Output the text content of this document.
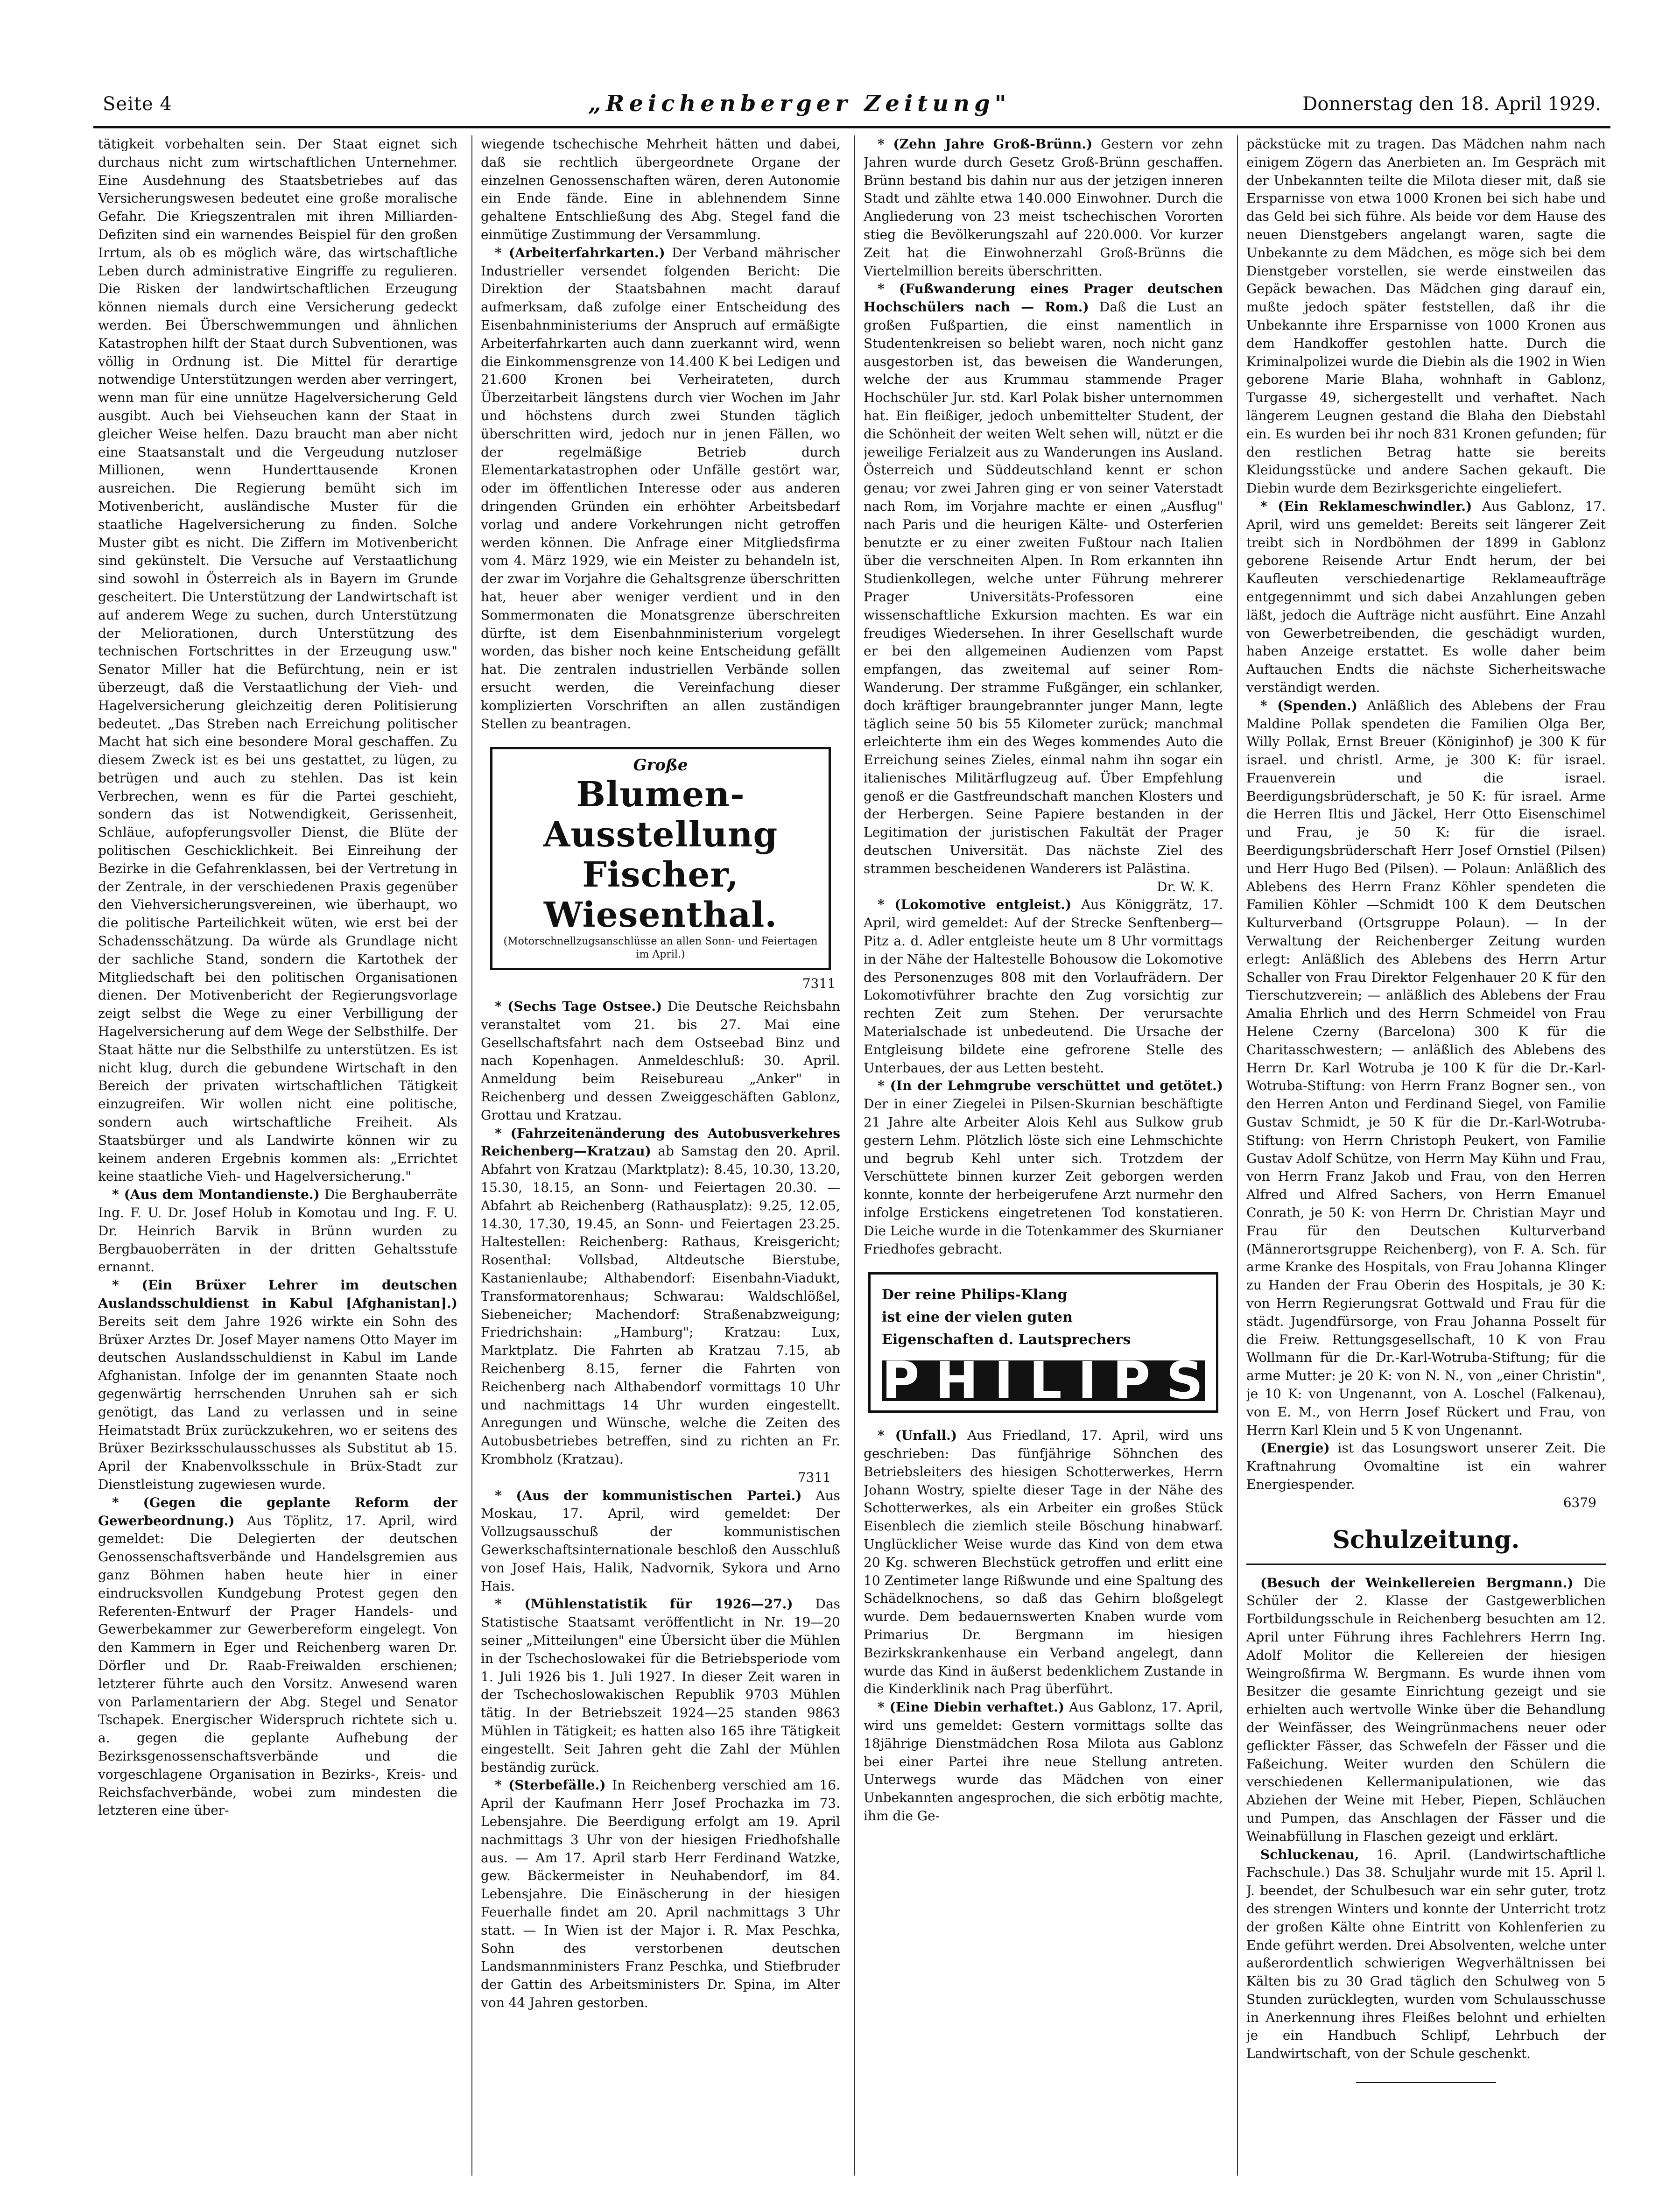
Seite 4	„Reichenberger Zeitung"	Donnerstag den 18. April 1929.

tätigkeit vorbehalten sein. Der Staat eignet sich durchaus nicht zum wirtschaftlichen Unternehmer. Eine Ausdehnung des Staatsbetriebes auf das Versicherungswesen bedeutet eine große moralische Gefahr. Die Kriegszentralen mit ihren Milliarden-Defiziten sind ein warnendes Beispiel für den großen Irrtum, als ob es möglich wäre, das wirtschaftliche Leben durch administrative Eingriffe zu regulieren. Die Risken der landwirtschaftlichen Erzeugung können niemals durch eine Versicherung gedeckt werden. Bei Überschwemmungen und ähnlichen Katastrophen hilft der Staat durch Subventionen, was völlig in Ordnung ist. Die Mittel für derartige notwendige Unterstützungen werden aber verringert, wenn man für eine unnütze Hagelversicherung Geld ausgibt. Auch bei Viehseuchen kann der Staat in gleicher Weise helfen. Dazu braucht man aber nicht eine Staatsanstalt und die Vergeudung nutzloser Millionen, wenn Hunderttausende Kronen ausreichen. Die Regierung bemüht sich im Motivenbericht, ausländische Muster für die staatliche Hagelversicherung zu finden. Solche Muster gibt es nicht. Die Ziffern im Motivenbericht sind gekünstelt. Die Versuche auf Verstaatlichung sind sowohl in Österreich als in Bayern im Grunde gescheitert. Die Unterstützung der Landwirtschaft ist auf anderem Wege zu suchen, durch Unterstützung der Meliorationen, durch Unterstützung des technischen Fortschrittes in der Erzeugung usw." Senator Miller hat die Befürchtung, nein er ist überzeugt, daß die Verstaatlichung der Vieh- und Hagelversicherung gleichzeitig deren Politisierung bedeutet. „Das Streben nach Erreichung politischer Macht hat sich eine besondere Moral geschaffen. Zu diesem Zweck ist es bei uns gestattet, zu lügen, zu betrügen und auch zu stehlen. Das ist kein Verbrechen, wenn es für die Partei geschieht, sondern das ist Notwendigkeit, Gerissenheit, Schläue, aufopferungsvoller Dienst, die Blüte der politischen Geschicklichkeit. Bei Einreihung der Bezirke in die Gefahrenklassen, bei der Vertretung in der Zentrale, in der verschiedenen Praxis gegenüber den Viehversicherungsvereinen, wie überhaupt, wo die politische Parteilichkeit wüten, wie erst bei der Schadensschätzung. Da würde als Grundlage nicht der sachliche Stand, sondern die Kartothek der Mitgliedschaft bei den politischen Organisationen dienen. Der Motivenbericht der Regierungsvorlage zeigt selbst die Wege zu einer Verbilligung der Hagelversicherung auf dem Wege der Selbsthilfe. Der Staat hätte nur die Selbsthilfe zu unterstützen. Es ist nicht klug, durch die gebundene Wirtschaft in den Bereich der privaten wirtschaftlichen Tätigkeit einzugreifen. Wir wollen nicht eine politische, sondern auch wirtschaftliche Freiheit. Als Staatsbürger und als Landwirte können wir zu keinem anderen Ergebnis kommen als: „Errichtet keine staatliche Vieh- und Hagelversicherung."

* (Aus dem Montandienste.) Die Berghauberräte Ing. F. U. Dr. Josef Holub in Komotau und Ing. F. U. Dr. Heinrich Barvik in Brünn wurden zu Bergbauoberräten in der dritten Gehaltsstufe ernannt.

* (Ein Brüxer Lehrer im deutschen Auslandsschuldienst in Kabul [Afghanistan].) Bereits seit dem Jahre 1926 wirkte ein Sohn des Brüxer Arztes Dr. Josef Mayer namens Otto Mayer im deutschen Auslandsschuldienst in Kabul im Lande Afghanistan. Infolge der im genannten Staate noch gegenwärtig herrschenden Unruhen sah er sich genötigt, das Land zu verlassen und in seine Heimatstadt Brüx zurückzukehren, wo er seitens des Brüxer Bezirksschulausschusses als Substitut ab 15. April der Knabenvolksschule in Brüx-Stadt zur Dienstleistung zugewiesen wurde.

* (Gegen die geplante Reform der Gewerbeordnung.) Aus Töplitz, 17. April, wird gemeldet: Die Delegierten der deutschen Genossenschaftsverbände und Handelsgremien aus ganz Böhmen haben heute hier in einer eindrucksvollen Kundgebung Protest gegen den Referenten-Entwurf der Prager Handels- und Gewerbekammer zur Gewerbereform eingelegt. Von den Kammern in Eger und Reichenberg waren Dr. Dörfler und Dr. Raab-Freiwalden erschienen; letzterer führte auch den Vorsitz. Anwesend waren von Parlamentariern der Abg. Stegel und Senator Tschapek. Energischer Widerspruch richtete sich u. a. gegen die geplante Aufhebung der Bezirksgenossenschaftsverbände und die vorgeschlagene Organisation in Bezirks-, Kreis- und Reichsfachverbände, wobei zum mindesten die letzteren eine über-

wiegende tschechische Mehrheit hätten und dabei, daß sie rechtlich übergeordnete Organe der einzelnen Genossenschaften wären, deren Autonomie ein Ende fände. Eine in ablehnendem Sinne gehaltene Entschließung des Abg. Stegel fand die einmütige Zustimmung der Versammlung.

* (Arbeiterfahrkarten.) Der Verband mährischer Industrieller versendet folgenden Bericht: Die Direktion der Staatsbahnen macht darauf aufmerksam, daß zufolge einer Entscheidung des Eisenbahnministeriums der Anspruch auf ermäßigte Arbeiterfahrkarten auch dann zuerkannt wird, wenn die Einkommensgrenze von 14.400 K bei Ledigen und 21.600 Kronen bei Verheirateten, durch Überzeitarbeit längstens durch vier Wochen im Jahr und höchstens durch zwei Stunden täglich überschritten wird, jedoch nur in jenen Fällen, wo der regelmäßige Betrieb durch Elementarkatastrophen oder Unfälle gestört war, oder im öffentlichen Interesse oder aus anderen dringenden Gründen ein erhöhter Arbeitsbedarf vorlag und andere Vorkehrungen nicht getroffen werden können. Die Anfrage einer Mitgliedsfirma vom 4. März 1929, wie ein Meister zu behandeln ist, der zwar im Vorjahre die Gehaltsgrenze überschritten hat, heuer aber weniger verdient und in den Sommermonaten die Monatsgrenze überschreiten dürfte, ist dem Eisenbahnministerium vorgelegt worden, das bisher noch keine Entscheidung gefällt hat. Die zentralen industriellen Verbände sollen ersucht werden, die Vereinfachung dieser komplizierten Vorschriften an allen zuständigen Stellen zu beantragen.

Große
Blumen-Ausstellung
Fischer, Wiesenthal.
(Motorschnellzugsanschlüsse an allen Sonn- und Feiertagen im April.)
7311

* (Sechs Tage Ostsee.) Die Deutsche Reichsbahn veranstaltet vom 21. bis 27. Mai eine Gesellschaftsfahrt nach dem Ostseebad Binz und nach Kopenhagen. Anmeldeschluß: 30. April. Anmeldung beim Reisebureau „Anker" in Reichenberg und dessen Zweiggeschäften Gablonz, Grottau und Kratzau.

* (Fahrzeitenänderung des Autobusverkehres Reichenberg—Kratzau) ab Samstag den 20. April. Abfahrt von Kratzau (Marktplatz): 8.45, 10.30, 13.20, 15.30, 18.15, an Sonn- und Feiertagen 20.30. — Abfahrt ab Reichenberg (Rathausplatz): 9.25, 12.05, 14.30, 17.30, 19.45, an Sonn- und Feiertagen 23.25. Haltestellen: Reichenberg: Rathaus, Kreisgericht; Rosenthal: Vollsbad, Altdeutsche Bierstube, Kastanienlaube; Althabendorf: Eisenbahn-Viadukt, Transformatorenhaus; Schwarau: Waldschlößel, Siebeneicher; Machendorf: Straßenabzweigung; Friedrichshain: „Hamburg"; Kratzau: Lux, Marktplatz. Die Fahrten ab Kratzau 7.15, ab Reichenberg 8.15, ferner die Fahrten von Reichenberg nach Althabendorf vormittags 10 Uhr und nachmittags 14 Uhr wurden eingestellt. Anregungen und Wünsche, welche die Zeiten des Autobusbetriebes betreffen, sind zu richten an Fr. Krombholz (Kratzau).

7311

* (Aus der kommunistischen Partei.) Aus Moskau, 17. April, wird gemeldet: Der Vollzugsausschuß der kommunistischen Gewerkschaftsinternationale beschloß den Ausschluß von Josef Hais, Halik, Nadvornik, Sykora und Arno Hais.

* (Mühlenstatistik für 1926—27.) Das Statistische Staatsamt veröffentlicht in Nr. 19—20 seiner „Mitteilungen" eine Übersicht über die Mühlen in der Tschechoslowakei für die Betriebsperiode vom 1. Juli 1926 bis 1. Juli 1927. In dieser Zeit waren in der Tschechoslowakischen Republik 9703 Mühlen tätig. In der Betriebszeit 1924—25 standen 9863 Mühlen in Tätigkeit; es hatten also 165 ihre Tätigkeit eingestellt. Seit Jahren geht die Zahl der Mühlen beständig zurück.

* (Sterbefälle.) In Reichenberg verschied am 16. April der Kaufmann Herr Josef Prochazka im 73. Lebensjahre. Die Beerdigung erfolgt am 19. April nachmittags 3 Uhr von der hiesigen Friedhofshalle aus. — Am 17. April starb Herr Ferdinand Watzke, gew. Bäckermeister in Neuhabendorf, im 84. Lebensjahre. Die Einäscherung in der hiesigen Feuerhalle findet am 20. April nachmittags 3 Uhr statt. — In Wien ist der Major i. R. Max Peschka, Sohn des verstorbenen deutschen Landsmannministers Franz Peschka, und Stiefbruder der Gattin des Arbeitsministers Dr. Spina, im Alter von 44 Jahren gestorben.

* (Zehn Jahre Groß-Brünn.) Gestern vor zehn Jahren wurde durch Gesetz Groß-Brünn geschaffen. Brünn bestand bis dahin nur aus der jetzigen inneren Stadt und zählte etwa 140.000 Einwohner. Durch die Angliederung von 23 meist tschechischen Vororten stieg die Bevölkerungszahl auf 220.000. Vor kurzer Zeit hat die Einwohnerzahl Groß-Brünns die Viertelmillion bereits überschritten.

* (Fußwanderung eines Prager deutschen Hochschülers nach — Rom.) Daß die Lust an großen Fußpartien, die einst namentlich in Studentenkreisen so beliebt waren, noch nicht ganz ausgestorben ist, das beweisen die Wanderungen, welche der aus Krummau stammende Prager Hochschüler Jur. std. Karl Polak bisher unternommen hat. Ein fleißiger, jedoch unbemittelter Student, der die Schönheit der weiten Welt sehen will, nützt er die jeweilige Ferialzeit aus zu Wanderungen ins Ausland. Österreich und Süddeutschland kennt er schon genau; vor zwei Jahren ging er von seiner Vaterstadt nach Rom, im Vorjahre machte er einen „Ausflug" nach Paris und die heurigen Kälte- und Osterferien benutzte er zu einer zweiten Fußtour nach Italien über die verschneiten Alpen. In Rom erkannten ihn Studienkollegen, welche unter Führung mehrerer Prager Universitäts-Professoren eine wissenschaftliche Exkursion machten. Es war ein freudiges Wiedersehen. In ihrer Gesellschaft wurde er bei den allgemeinen Audienzen vom Papst empfangen, das zweitemal auf seiner Rom-Wanderung. Der stramme Fußgänger, ein schlanker, doch kräftiger braungebrannter junger Mann, legte täglich seine 50 bis 55 Kilometer zurück; manchmal erleichterte ihm ein des Weges kommendes Auto die Erreichung seines Zieles, einmal nahm ihn sogar ein italienisches Militärflugzeug auf. Über Empfehlung genoß er die Gastfreundschaft manchen Klosters und der Herbergen. Seine Papiere bestanden in der Legitimation der juristischen Fakultät der Prager deutschen Universität. Das nächste Ziel des strammen bescheidenen Wanderers ist Palästina.

Dr. W. K.

* (Lokomotive entgleist.) Aus Königgrätz, 17. April, wird gemeldet: Auf der Strecke Senftenberg—Pitz a. d. Adler entgleiste heute um 8 Uhr vormittags in der Nähe der Haltestelle Bohousow die Lokomotive des Personenzuges 808 mit den Vorlaufrädern. Der Lokomotivführer brachte den Zug vorsichtig zur rechten Zeit zum Stehen. Der verursachte Materialschade ist unbedeutend. Die Ursache der Entgleisung bildete eine gefrorene Stelle des Unterbaues, der aus Letten besteht.

* (In der Lehmgrube verschüttet und getötet.) Der in einer Ziegelei in Pilsen-Skurnian beschäftigte 21 Jahre alte Arbeiter Alois Kehl aus Sulkow grub gestern Lehm. Plötzlich löste sich eine Lehmschichte und begrub Kehl unter sich. Trotzdem der Verschüttete binnen kurzer Zeit geborgen werden konnte, konnte der herbeigerufene Arzt nurmehr den infolge Erstickens eingetretenen Tod konstatieren. Die Leiche wurde in die Totenkammer des Skurnianer Friedhofes gebracht.

Der reine Philips-Klang
ist eine der vielen guten
Eigenschaften d. Lautsprechers
PHILIPS

* (Unfall.) Aus Friedland, 17. April, wird uns geschrieben: Das fünfjährige Söhnchen des Betriebsleiters des hiesigen Schotterwerkes, Herrn Johann Wostry, spielte dieser Tage in der Nähe des Schotterwerkes, als ein Arbeiter ein großes Stück Eisenblech die ziemlich steile Böschung hinabwarf. Unglücklicher Weise wurde das Kind von dem etwa 20 Kg. schweren Blechstück getroffen und erlitt eine 10 Zentimeter lange Rißwunde und eine Spaltung des Schädelknochens, so daß das Gehirn bloßgelegt wurde. Dem bedauernswerten Knaben wurde vom Primarius Dr. Bergmann im hiesigen Bezirkskrankenhause ein Verband angelegt, dann wurde das Kind in äußerst bedenklichem Zustande in die Kinderklinik nach Prag überführt.

* (Eine Diebin verhaftet.) Aus Gablonz, 17. April, wird uns gemeldet: Gestern vormittags sollte das 18jährige Dienstmädchen Rosa Milota aus Gablonz bei einer Partei ihre neue Stellung antreten. Unterwegs wurde das Mädchen von einer Unbekannten angesprochen, die sich erbötig machte, ihm die Ge-

päckstücke mit zu tragen. Das Mädchen nahm nach einigem Zögern das Anerbieten an. Im Gespräch mit der Unbekannten teilte die Milota dieser mit, daß sie Ersparnisse von etwa 1000 Kronen bei sich habe und das Geld bei sich führe. Als beide vor dem Hause des neuen Dienstgebers angelangt waren, sagte die Unbekannte zu dem Mädchen, es möge sich bei dem Dienstgeber vorstellen, sie werde einstweilen das Gepäck bewachen. Das Mädchen ging darauf ein, mußte jedoch später feststellen, daß ihr die Unbekannte ihre Ersparnisse von 1000 Kronen aus dem Handkoffer gestohlen hatte. Durch die Kriminalpolizei wurde die Diebin als die 1902 in Wien geborene Marie Blaha, wohnhaft in Gablonz, Turgasse 49, sichergestellt und verhaftet. Nach längerem Leugnen gestand die Blaha den Diebstahl ein. Es wurden bei ihr noch 831 Kronen gefunden; für den restlichen Betrag hatte sie bereits Kleidungsstücke und andere Sachen gekauft. Die Diebin wurde dem Bezirksgerichte eingeliefert.

* (Ein Reklameschwindler.) Aus Gablonz, 17. April, wird uns gemeldet: Bereits seit längerer Zeit treibt sich in Nordböhmen der 1899 in Gablonz geborene Reisende Artur Endt herum, der bei Kaufleuten verschiedenartige Reklameaufträge entgegennimmt und sich dabei Anzahlungen geben läßt, jedoch die Aufträge nicht ausführt. Eine Anzahl von Gewerbetreibenden, die geschädigt wurden, haben Anzeige erstattet. Es wolle daher beim Auftauchen Endts die nächste Sicherheitswache verständigt werden.

* (Spenden.) Anläßlich des Ablebens der Frau Maldine Pollak spendeten die Familien Olga Ber, Willy Pollak, Ernst Breuer (Königinhof) je 300 K für israel. und christl. Arme, je 300 K: für israel. Frauenverein und die israel. Beerdigungsbrüderschaft, je 50 K: für israel. Arme die Herren Iltis und Jäckel, Herr Otto Eisenschimel und Frau, je 50 K: für die israel. Beerdigungsbrüderschaft Herr Josef Ornstiel (Pilsen) und Herr Hugo Bed (Pilsen). — Polaun: Anläßlich des Ablebens des Herrn Franz Köhler spendeten die Familien Köhler —Schmidt 100 K dem Deutschen Kulturverband (Ortsgruppe Polaun). — In der Verwaltung der Reichenberger Zeitung wurden erlegt: Anläßlich des Ablebens des Herrn Artur Schaller von Frau Direktor Felgenhauer 20 K für den Tierschutzverein; — anläßlich des Ablebens der Frau Amalia Ehrlich und des Herrn Schmeidel von Frau Helene Czerny (Barcelona) 300 K für die Charitasschwestern; — anläßlich des Ablebens des Herrn Dr. Karl Wotruba je 100 K für die Dr.-Karl-Wotruba-Stiftung: von Herrn Franz Bogner sen., von den Herren Anton und Ferdinand Siegel, von Familie Gustav Schmidt, je 50 K für die Dr.-Karl-Wotruba-Stiftung: von Herrn Christoph Peukert, von Familie Gustav Adolf Schütze, von Herrn May Kühn und Frau, von Herrn Franz Jakob und Frau, von den Herren Alfred und Alfred Sachers, von Herrn Emanuel Conrath, je 50 K: von Herrn Dr. Christian Mayr und Frau für den Deutschen Kulturverband (Männerortsgruppe Reichenberg), von F. A. Sch. für arme Kranke des Hospitals, von Frau Johanna Klinger zu Handen der Frau Oberin des Hospitals, je 30 K: von Herrn Regierungsrat Gottwald und Frau für die städt. Jugendfürsorge, von Frau Johanna Posselt für die Freiw. Rettungsgesellschaft, 10 K von Frau Wollmann für die Dr.-Karl-Wotruba-Stiftung; für die arme Mutter: je 20 K: von N. N., von „einer Christin", je 10 K: von Ungenannt, von A. Loschel (Falkenau), von E. M., von Herrn Josef Rückert und Frau, von Herrn Karl Klein und 5 K von Ungenannt.

(Energie) ist das Losungswort unserer Zeit. Die Kraftnahrung Ovomaltine ist ein wahrer Energiespender.

6379
Schulzeitung.

(Besuch der Weinkellereien Bergmann.) Die Schüler der 2. Klasse der Gastgewerblichen Fortbildungsschule in Reichenberg besuchten am 12. April unter Führung ihres Fachlehrers Herrn Ing. Adolf Molitor die Kellereien der hiesigen Weingroßfirma W. Bergmann. Es wurde ihnen vom Besitzer die gesamte Einrichtung gezeigt und sie erhielten auch wertvolle Winke über die Behandlung der Weinfässer, des Weingrünmachens neuer oder geflickter Fässer, das Schwefeln der Fässer und die Faßeichung. Weiter wurden den Schülern die verschiedenen Kellermanipulationen, wie das Abziehen der Weine mit Heber, Piepen, Schläuchen und Pumpen, das Anschlagen der Fässer und die Weinabfüllung in Flaschen gezeigt und erklärt.

Schluckenau, 16. April. (Landwirtschaftliche Fachschule.) Das 38. Schuljahr wurde mit 15. April l. J. beendet, der Schulbesuch war ein sehr guter, trotz des strengen Winters und konnte der Unterricht trotz der großen Kälte ohne Eintritt von Kohlenferien zu Ende geführt werden. Drei Absolventen, welche unter außerordentlich schwierigen Wegverhältnissen bei Kälten bis zu 30 Grad täglich den Schulweg von 5 Stunden zurücklegten, wurden vom Schulausschusse in Anerkennung ihres Fleißes belohnt und erhielten je ein Handbuch Schlipf, Lehrbuch der Landwirtschaft, von der Schule geschenkt.
